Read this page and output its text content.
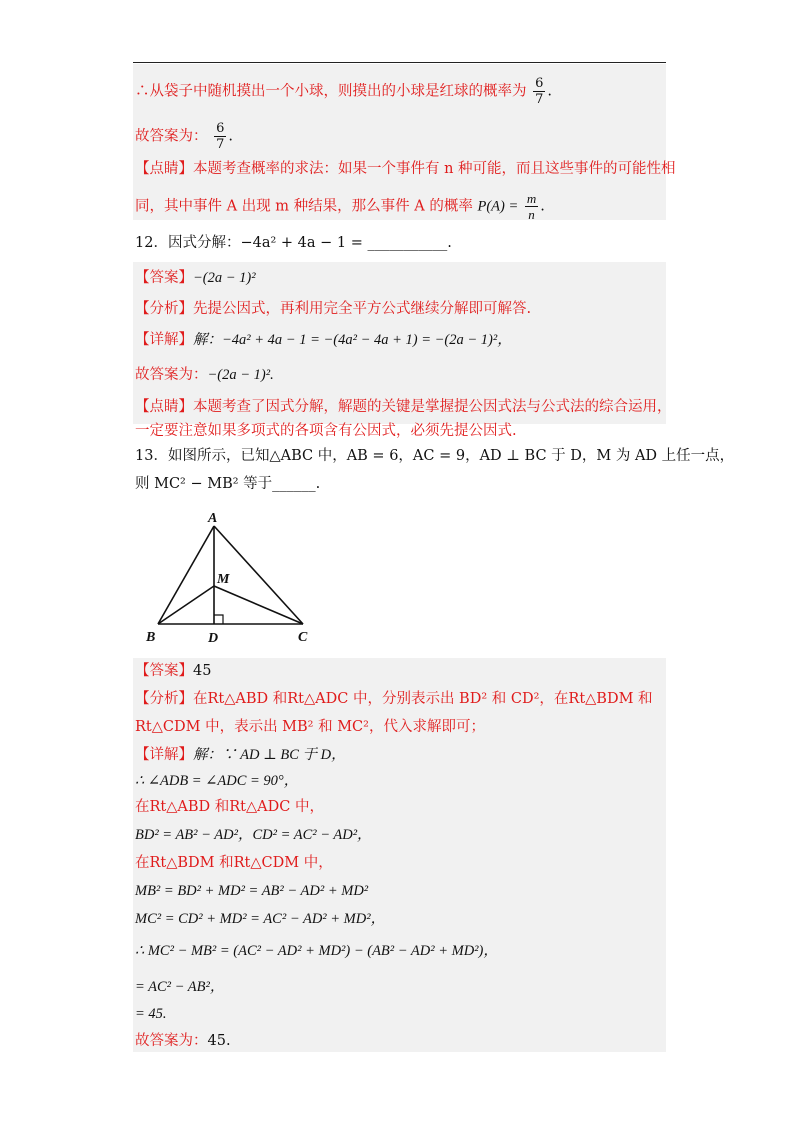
∴从袋子中随机摸出一个小球，则摸出的小球是红球的概率为 $\frac{6}{7}$ .
故答案为： $\frac{6}{7}$ .
【点睛】本题考查概率的求法：如果一个事件有 n 种可能，而且这些事件的可能性相
同，其中事件 A 出现 m 种结果，那么事件 A 的概率 $P(A) = \frac{m}{n}$ .
12．因式分解：−4a² + 4a − 1 = ___________.
【答案】−(2a − 1)²
【分析】先提公因式，再利用完全平方公式继续分解即可解答.
【详解】解：−4a² + 4a − 1 = −(4a² − 4a + 1) = −(2a − 1)²，
故答案为：−(2a − 1)².
【点睛】本题考查了因式分解，解题的关键是掌握提公因式法与公式法的综合运用，
一定要注意如果多项式的各项含有公因式，必须先提公因式.
13．如图所示，已知△ABC 中，AB = 6，AC = 9，AD ⊥ BC 于 D，M 为 AD 上任一点，
则 MC² − MB² 等于______.
A
M
B	D	C
【答案】45
【分析】在Rt△ABD 和Rt△ADC 中，分别表示出 BD² 和 CD²，在Rt△BDM 和
Rt△CDM 中，表示出 MB² 和 MC²，代入求解即可；
【详解】解：∵ AD ⊥ BC 于 D，
∴ ∠ADB = ∠ADC = 90°，
在Rt△ABD 和Rt△ADC 中，
BD² = AB² − AD²，CD² = AC² − AD²，
在Rt△BDM 和Rt△CDM 中，
MB² = BD² + MD² = AB² − AD² + MD²
MC² = CD² + MD² = AC² − AD² + MD²，
∴ MC² − MB² = (AC² − AD² + MD²) − (AB² − AD² + MD²)，
= AC² − AB²，
= 45.
故答案为：45.
